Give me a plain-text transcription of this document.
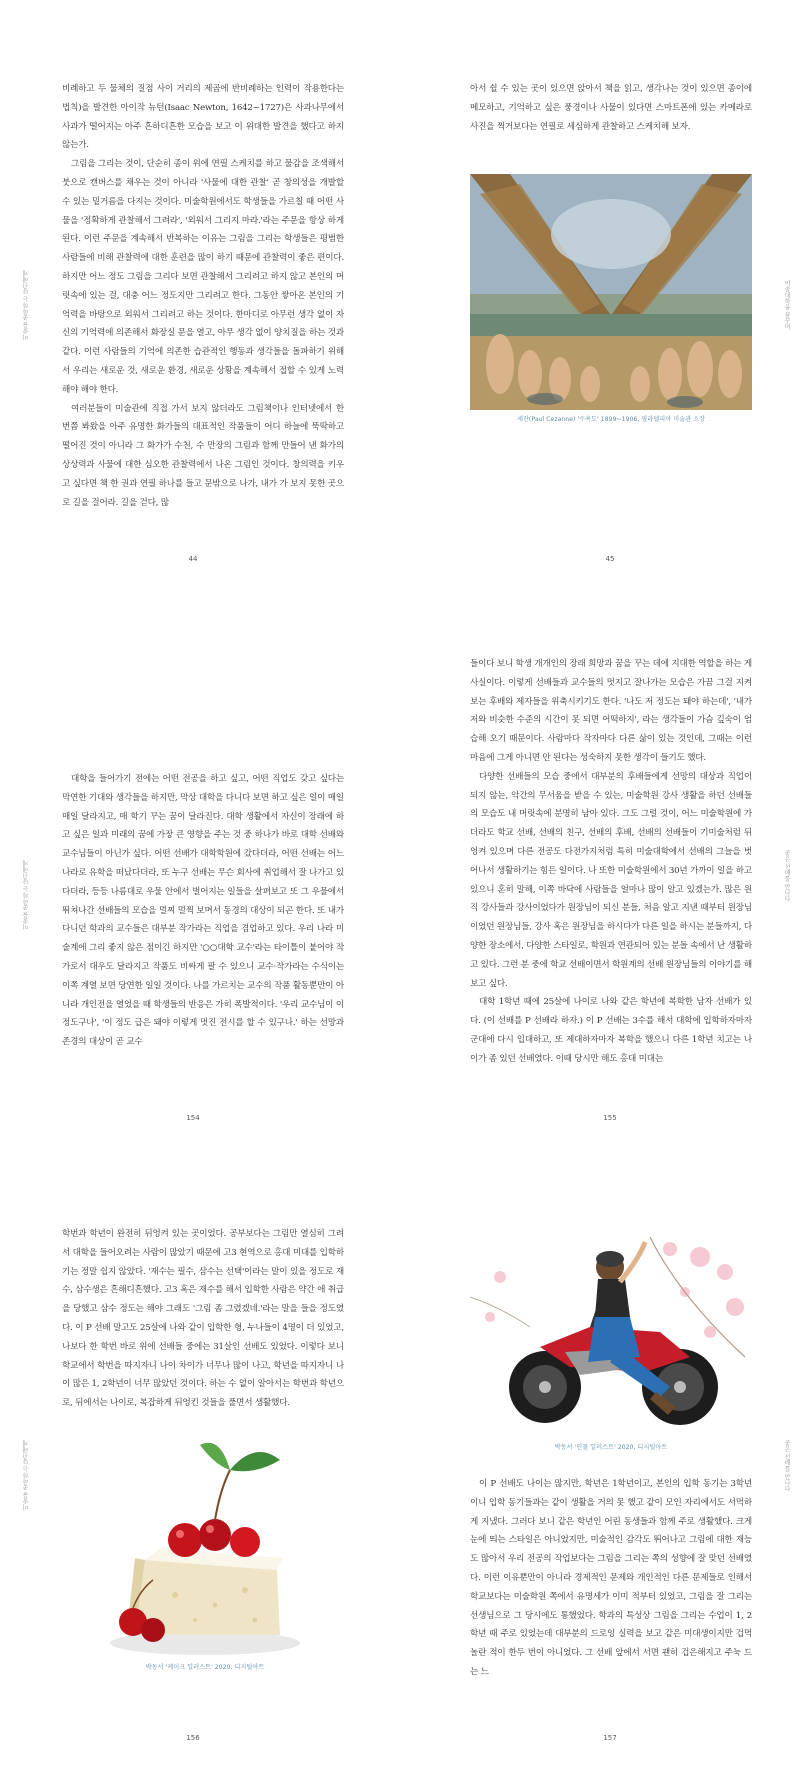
미술을 좋아하는 당신에게	미술대학을 꿈꾸며
미술을 좋아하는 당신에게	좋은 선배를 만나다
미술을 좋아하는 당신에게	좋은 선배를 만나다

비례하고 두 물체의 질점 사이 거리의 제곱에 반비례하는 인력이 작용한다는 법칙)을 발견한 아이작 뉴턴(Isaac Newton, 1642~1727)은 사과나무에서 사과가 떨어지는 아주 흔하디흔한 모습을 보고 이 위대한 발견을 했다고 하지 않는가.

그림을 그리는 것이, 단순히 종이 위에 연필 스케치를 하고 물감을 조색해서 붓으로 캔버스를 채우는 것이 아니라 '사물에 대한 관찰' 곧 창의성을 개발할 수 있는 밑거름을 다지는 것이다. 미술학원에서도 학생들을 가르칠 때 어떤 사물을 '정확하게 관찰해서 그려라', '외워서 그리지 마라.'라는 주문을 항상 하게 된다. 이런 주문을 계속해서 반복하는 이유는 그림을 그리는 학생들은 평범한 사람들에 비해 관찰력에 대한 훈련을 많이 하기 때문에 관찰력이 좋은 편이다. 하지만 어느 정도 그림을 그리다 보면 관찰해서 그리려고 하지 않고 본인의 머릿속에 있는 걸, 대충 어느 정도지만 그리려고 한다. 그동안 쌓아온 본인의 기억력을 바탕으로 외워서 그리려고 하는 것이다. 한마디로 아무런 생각 없이 자신의 기억력에 의존해서 화장실 문을 열고, 아무 생각 없이 양치질을 하는 것과 같다. 이런 사람들의 기억에 의존한 습관적인 행동과 생각들을 돌파하기 위해서 우리는 새로운 것, 새로운 환경, 새로운 상황을 계속해서 접할 수 있게 노력해야 해야 한다.

여러분들이 미술관에 직접 가서 보지 않더라도 그림책이나 인터넷에서 한 번쯤 봐왔을 아주 유명한 화가들의 대표적인 작품들이 어디 하늘에 뚝딱하고 떨어진 것이 아니라 그 화가가 수천, 수 만장의 그림과 함께 만들어 낸 화가의 상상력과 사물에 대한 심오한 관찰력에서 나온 그림인 것이다. 창의력을 키우고 싶다면 책 한 권과 연필 하나를 들고 문밖으로 나가, 내가 가 보지 못한 곳으로 길을 걸어라. 길을 걷다, 많

44

아서 쉴 수 있는 곳이 있으면 앉아서 책을 읽고, 생각나는 것이 있으면 종이에 메모하고, 기억하고 싶은 풍경이나 사물이 있다면 스마트폰에 있는 카메라로 사진을 찍거보다는 연필로 세심하게 관찰하고 스케치해 보자.

세잔(Paul Cezanne) '수욕도' 1899~1906, 필라델피아 미술관 소장
45

대학을 들어가기 전에는 어떤 전공을 하고 싶고, 어떤 직업도 갖고 싶다는 막연한 기대와 생각들을 하지만, 막상 대학을 다니다 보면 하고 싶은 일이 매일매일 달라지고, 매 학기 꾸는 꿈이 달라진다. 대학 생활에서 자신이 장래에 하고 싶은 일과 미래의 꿈에 가장 큰 영향을 주는 것 중 하나가 바로 대학 선배와 교수님들이 아닌가 싶다. 어떤 선배가 대학학원에 갔다더라, 어떤 선배는 어느 나라로 유학을 떠났다더라, 또 누구 선배는 무슨 회사에 취업해서 잘 나가고 있다더라, 등등 나름대로 우물 안에서 벌어지는 일들을 살펴보고 또 그 우물에서 뛰쳐나간 선배들의 모습을 멀찌 멀찍 보며서 동경의 대상이 되곤 한다. 또 내가 다니던 학과의 교수들은 대부분 작가라는 직업을 겸업하고 있다. 우리 나라 미술계에 그리 좋지 않은 점이긴 하지만 '○○대학 교수'라는 타이틀이 붙어야 작가로서 대우도 달라지고 작품도 비싸게 팔 수 있으니 교수·작가라는 수식이는 이쪽 계열 보면 당연한 일일 것이다. 나를 가르치는 교수의 작품 활동뿐만이 아니라 개인전을 열었을 때 학생들의 반응은 가히 폭발적이다. '우리 교수님이 이 정도구나', '이 정도 급은 돼야 이렇게 멋진 전시를 할 수 있구나.' 하는 선망과 존경의 대상이 곧 교수

154

들이다 보니 학생 개개인의 장래 희망과 꿈을 꾸는 데에 지대한 역할을 하는 게 사실이다. 이렇게 선배들과 교수들의 멋지고 잘나가는 모습은 가끔 그걸 지켜보는 후배와 제자들을 위축시키기도 한다. '나도 저 정도는 돼야 하는데', '내가 저와 비슷한 수준의 시간이 못 되면 어떡하지', 라는 생각들이 가슴 깊숙이 엄습해 오기 때문이다. 사람마다 작자마다 다른 삶이 있는 것인데, 그때는 이런 마음에 그게 아니면 안 된다는 성숙하지 못한 생각이 들기도 했다.

다양한 선배들의 모습 중에서 대부분의 후배들에게 선망의 대상과 직업이 되지 않는, 악간의 무서움을 받을 수 있는, 미술학원 강사 생활을 하던 선배들의 모습도 내 머릿속에 분명히 남아 있다. 그도 그럴 것이, 어느 미술학원에 가더라도 학교 선배, 선배의 친구, 선배의 후배, 선배의 선배들이 기미술처럼 뒤엉켜 있으며 다른 전공도 다전가지처럼 특히 미술대학에서 선배의 그늘을 벗어나서 생활하기는 힘든 일이다. 나 또한 미술학원에서 30년 가까이 일을 하고 있으니 혼히 말해, 이쪽 바닥에 사람들을 얼마나 많이 알고 있겠는가. 많은 원직 강사들과 강사이었다가 원장님이 되신 분들, 처음 알고 지낸 때부터 원장님이었던 원장님들, 강사 혹은 원장님을 하시다가 다른 일을 하시는 분들까지, 다양한 장소에서, 다양한 스타일로, 학원과 연관되어 있는 분들 속에서 난 생활하고 있다. 그런 분 중에 학교 선배이면서 학원계의 선배 원장님들의 이야기를 해 보고 싶다.

대학 1학년 때에 25살에 나이로 나와 같은 학년에 복학한 남자 선배가 있다. (이 선배를 P 선배라 하자.) 이 P 선배는 3수를 해서 대학에 입학하자마자 군대에 다시 입대하고, 또 제대하자마자 복학을 했으니 다른 1학년 치고는 나이가 좀 있던 선배였다. 이때 당시만 해도 홍대 미대는

155

학번과 학년이 완전히 뒤엉켜 있는 곳이었다. 공부보다는 그림만 열심히 그려서 대학을 들어오려는 사람이 많았기 때문에 고3 현역으로 홍대 미대를 입학하기는 정말 쉽지 않았다. '재수는 필수, 삼수는 선택'이라는 말이 있을 정도로 재수, 삼수생은 흔해디흔했다. 고3 혹은 재수를 해서 입학한 사람은 약간 애 취급을 당했고 삼수 정도는 해야 그래도 '그림 좀 그렸겠네.'라는 말을 들을 정도였다. 이 P 선배 말고도 25살에 나와 같이 입학한 형, 누나들이 4명이 더 있었고, 나보다 한 학번 바로 위에 선배들 중에는 31살인 선배도 있었다. 이렇다 보니 학교에서 학번을 따지자니 나이 차이가 너무나 많이 나고, 학년을 따지자니 나이 많은 1, 2학년이 너무 많았던 것이다. 하는 수 없이 알아서는 학번과 학년으로, 뒤에서는 나이로, 복잡하게 뒤엉킨 것들을 풀면서 생활했다.

박동서 '케이크 일러스트' 2020, 디지털아트
156
박동서 '인물 일러스트' 2020, 디지털아트

이 P 선배도 나이는 많지만, 학년은 1학년이고, 본인의 입학 동기는 3학년이니 입학 동기들과는 같이 생활을 거의 못 했고 같이 모인 자리에서도 서먹하게 지냈다. 그러다 보니 같은 학년인 어린 동생들과 함께 주로 생활했다. 크게 눈에 띄는 스타일은 아니었지만, 미술적인 감각도 뛰어나고 그림에 대한 재능도 많아서 우리 전공의 작업보다는 그림을 그리는 쪽의 성향에 잘 맞던 선배였다. 이런 이유뿐만이 아니라 경제적인 문제와 개인적인 다른 문제들로 인해서 학교보다는 미술학원 쪽에서 유명세가 이미 적부터 있었고, 그림을 잘 그리는 선생님으로 그 당시에도 통했었다. 학과의 특성상 그림을 그리는 수업이 1, 2학년 때 주로 있었는데 대부분의 드로잉 실력을 보고 같은 미대생이지만 겁먹 놀란 적이 한두 번이 아니었다. 그 선배 앞에서 서면 괜히 겁은해지고 주눅 드는 느

157
